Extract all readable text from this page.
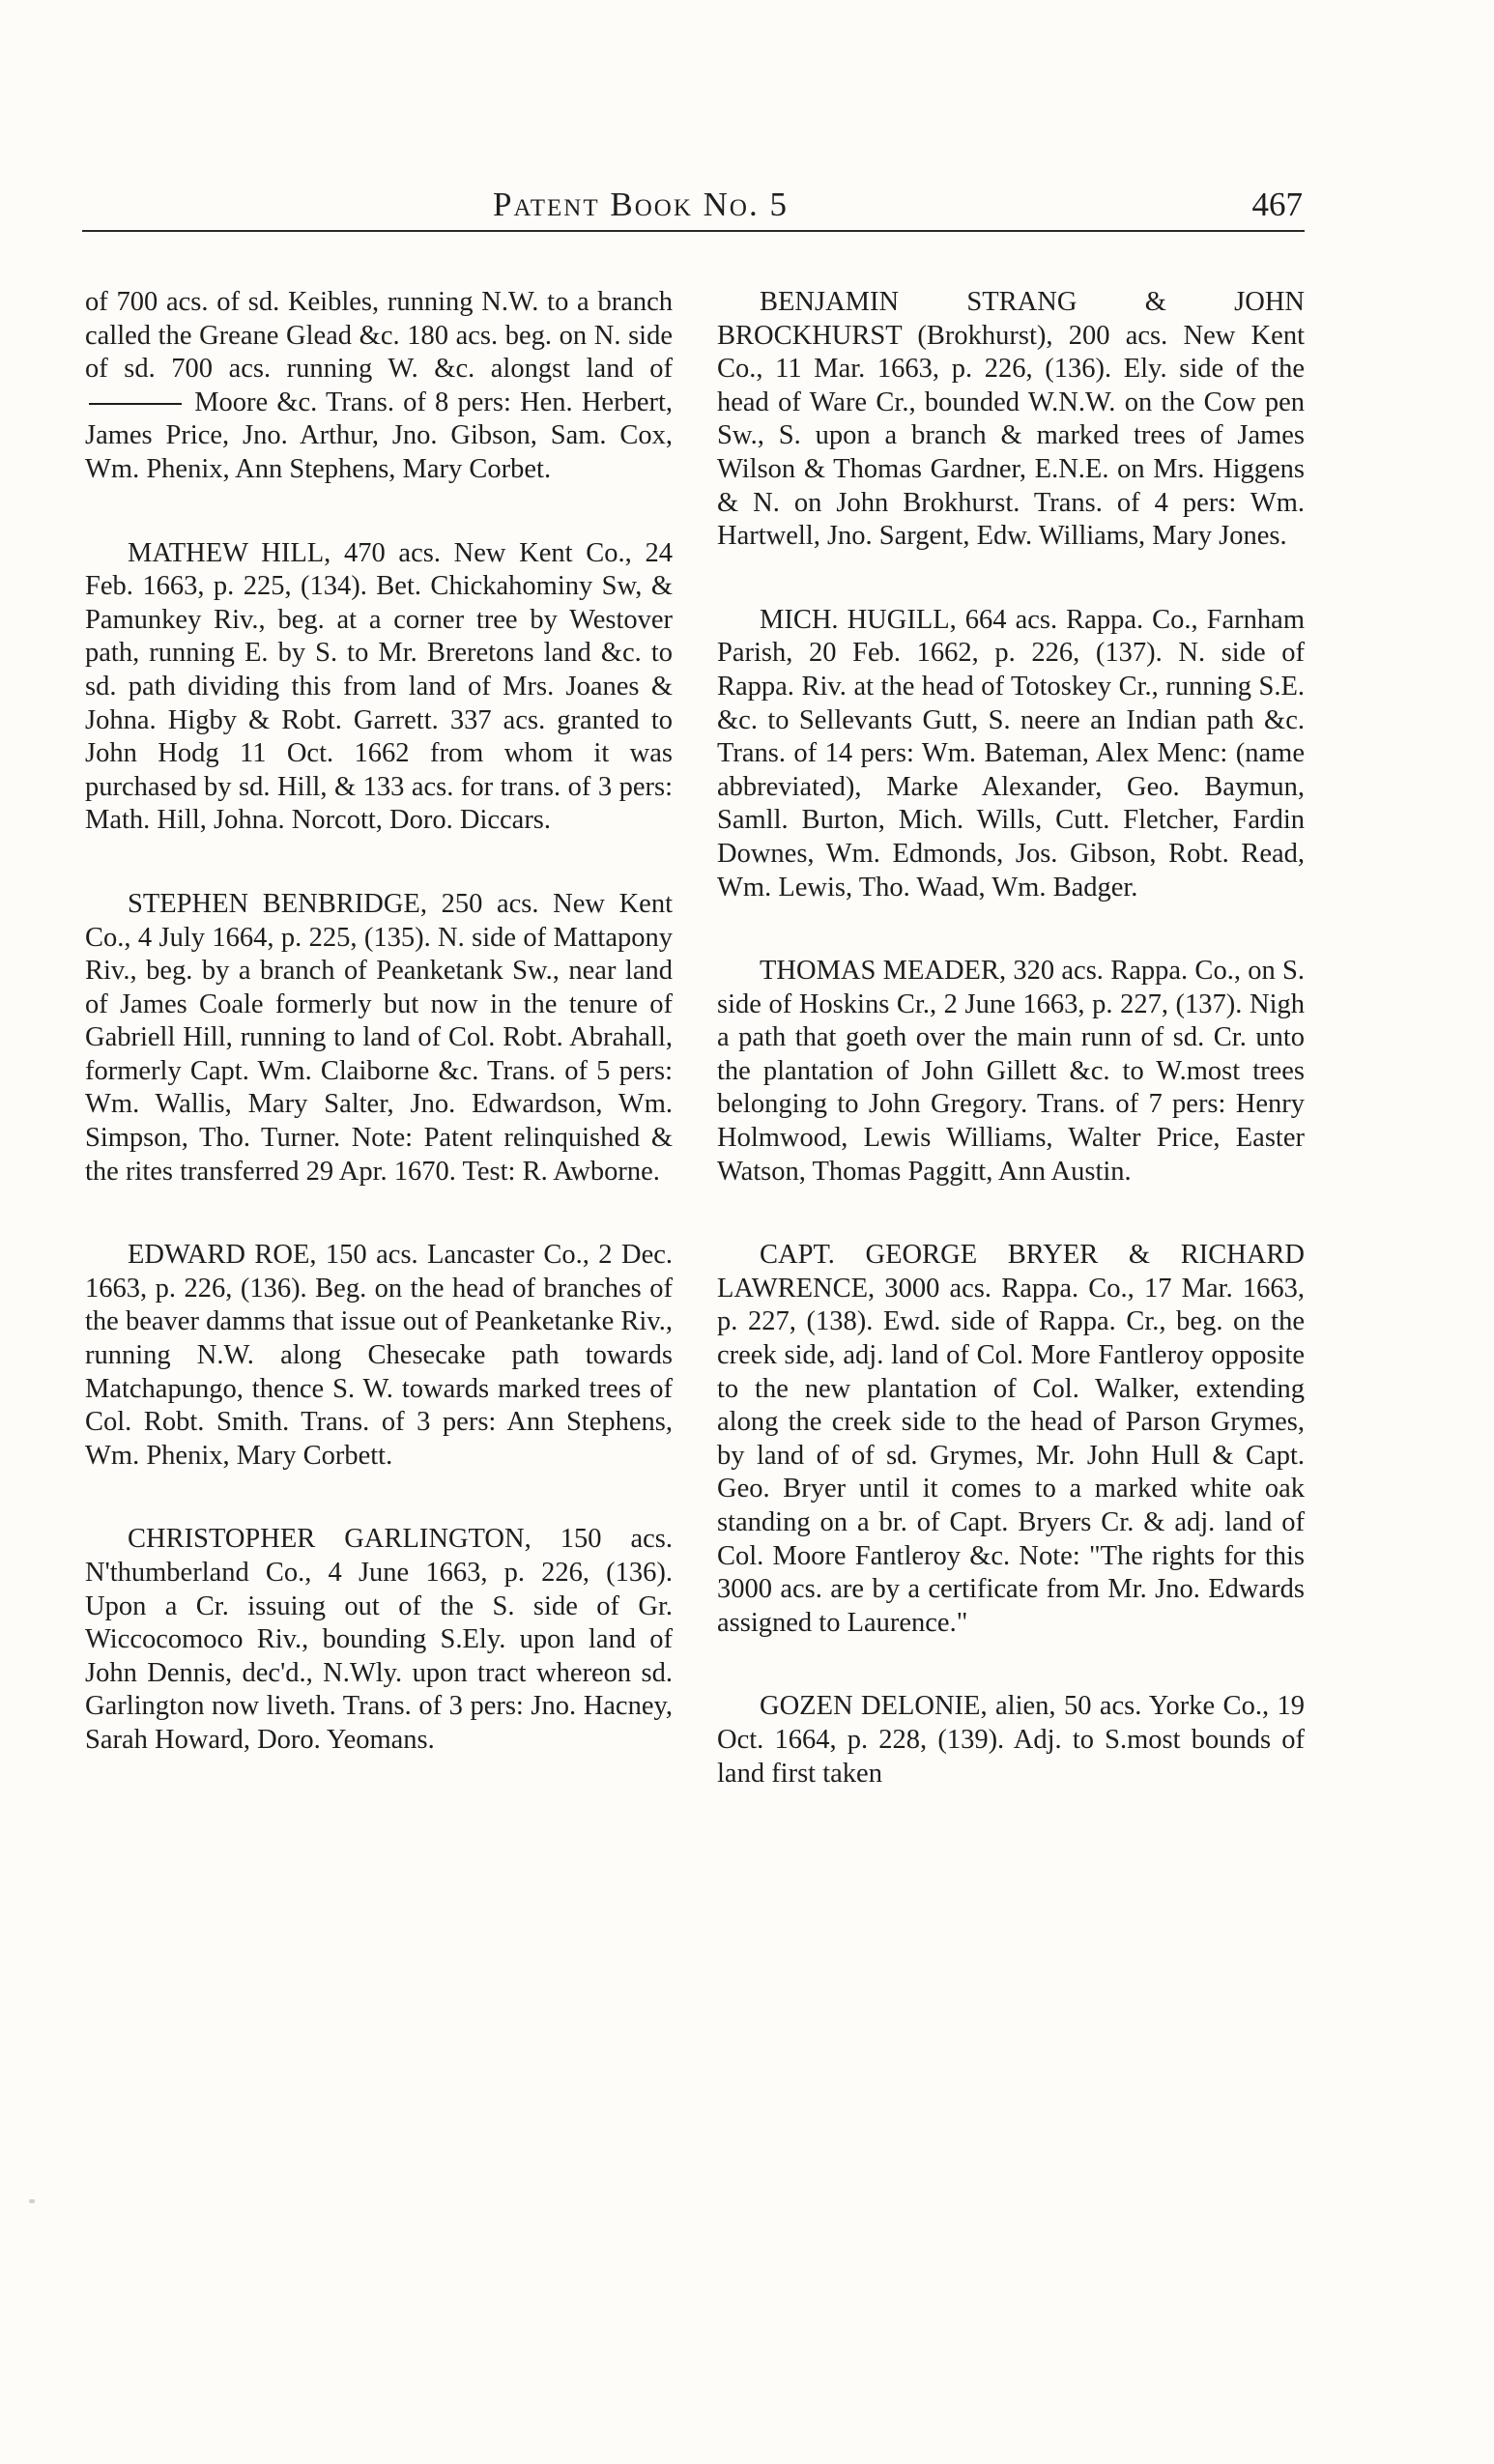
Patent Book No. 5	467

of 700 acs. of sd. Keibles, running N.W. to a branch called the Greane Glead &c. 180 acs. beg. on N. side of sd. 700 acs. running W. &c. alongst land of  Moore &c. Trans. of 8 pers: Hen. Herbert, James Price, Jno. Arthur, Jno. Gibson, Sam. Cox, Wm. Phenix, Ann Stephens, Mary Corbet.

MATHEW HILL, 470 acs. New Kent Co., 24 Feb. 1663, p. 225, (134). Bet. Chickahominy Sw, & Pamunkey Riv., beg. at a corner tree by Westover path, running E. by S. to Mr. Breretons land &c. to sd. path dividing this from land of Mrs. Joanes & Johna. Higby & Robt. Garrett. 337 acs. granted to John Hodg 11 Oct. 1662 from whom it was purchased by sd. Hill, & 133 acs. for trans. of 3 pers: Math. Hill, Johna. Norcott, Doro. Diccars.

STEPHEN BENBRIDGE, 250 acs. New Kent Co., 4 July 1664, p. 225, (135). N. side of Mattapony Riv., beg. by a branch of Peanketank Sw., near land of James Coale formerly but now in the tenure of Gabriell Hill, running to land of Col. Robt. Abrahall, formerly Capt. Wm. Claiborne &c. Trans. of 5 pers: Wm. Wallis, Mary Salter, Jno. Edwardson, Wm. Simpson, Tho. Turner. Note: Patent relinquished & the rites transferred 29 Apr. 1670. Test: R. Awborne.

EDWARD ROE, 150 acs. Lancaster Co., 2 Dec. 1663, p. 226, (136). Beg. on the head of branches of the beaver damms that issue out of Peanketanke Riv., running N.W. along Chesecake path towards Matchapungo, thence S. W. towards marked trees of Col. Robt. Smith. Trans. of 3 pers: Ann Stephens, Wm. Phenix, Mary Corbett.

CHRISTOPHER GARLINGTON, 150 acs. N'thumberland Co., 4 June 1663, p. 226, (136). Upon a Cr. issuing out of the S. side of Gr. Wiccocomoco Riv., bounding S.Ely. upon land of John Dennis, dec'd., N.Wly. upon tract whereon sd. Garlington now liveth. Trans. of 3 pers: Jno. Hacney, Sarah Howard, Doro. Yeomans.

BENJAMIN STRANG & JOHN BROCKHURST (Brokhurst), 200 acs. New Kent Co., 11 Mar. 1663, p. 226, (136). Ely. side of the head of Ware Cr., bounded W.N.W. on the Cow pen Sw., S. upon a branch & marked trees of James Wilson & Thomas Gardner, E.N.E. on Mrs. Higgens & N. on John Brokhurst. Trans. of 4 pers: Wm. Hartwell, Jno. Sargent, Edw. Williams, Mary Jones.

MICH. HUGILL, 664 acs. Rappa. Co., Farnham Parish, 20 Feb. 1662, p. 226, (137). N. side of Rappa. Riv. at the head of Totoskey Cr., running S.E. &c. to Sellevants Gutt, S. neere an Indian path &c. Trans. of 14 pers: Wm. Bateman, Alex Menc: (name abbreviated), Marke Alexander, Geo. Baymun, Samll. Burton, Mich. Wills, Cutt. Fletcher, Fardin Downes, Wm. Edmonds, Jos. Gibson, Robt. Read, Wm. Lewis, Tho. Waad, Wm. Badger.

THOMAS MEADER, 320 acs. Rappa. Co., on S. side of Hoskins Cr., 2 June 1663, p. 227, (137). Nigh a path that goeth over the main runn of sd. Cr. unto the plantation of John Gillett &c. to W.most trees belonging to John Gregory. Trans. of 7 pers: Henry Holmwood, Lewis Williams, Walter Price, Easter Watson, Thomas Paggitt, Ann Austin.

CAPT. GEORGE BRYER & RICHARD LAWRENCE, 3000 acs. Rappa. Co., 17 Mar. 1663, p. 227, (138). Ewd. side of Rappa. Cr., beg. on the creek side, adj. land of Col. More Fantleroy opposite to the new plantation of Col. Walker, extending along the creek side to the head of Parson Grymes, by land of of sd. Grymes, Mr. John Hull & Capt. Geo. Bryer until it comes to a marked white oak standing on a br. of Capt. Bryers Cr. & adj. land of Col. Moore Fantleroy &c. Note: "The rights for this 3000 acs. are by a certificate from Mr. Jno. Edwards assigned to Laurence."

GOZEN DELONIE, alien, 50 acs. Yorke Co., 19 Oct. 1664, p. 228, (139). Adj. to S.most bounds of land first taken
